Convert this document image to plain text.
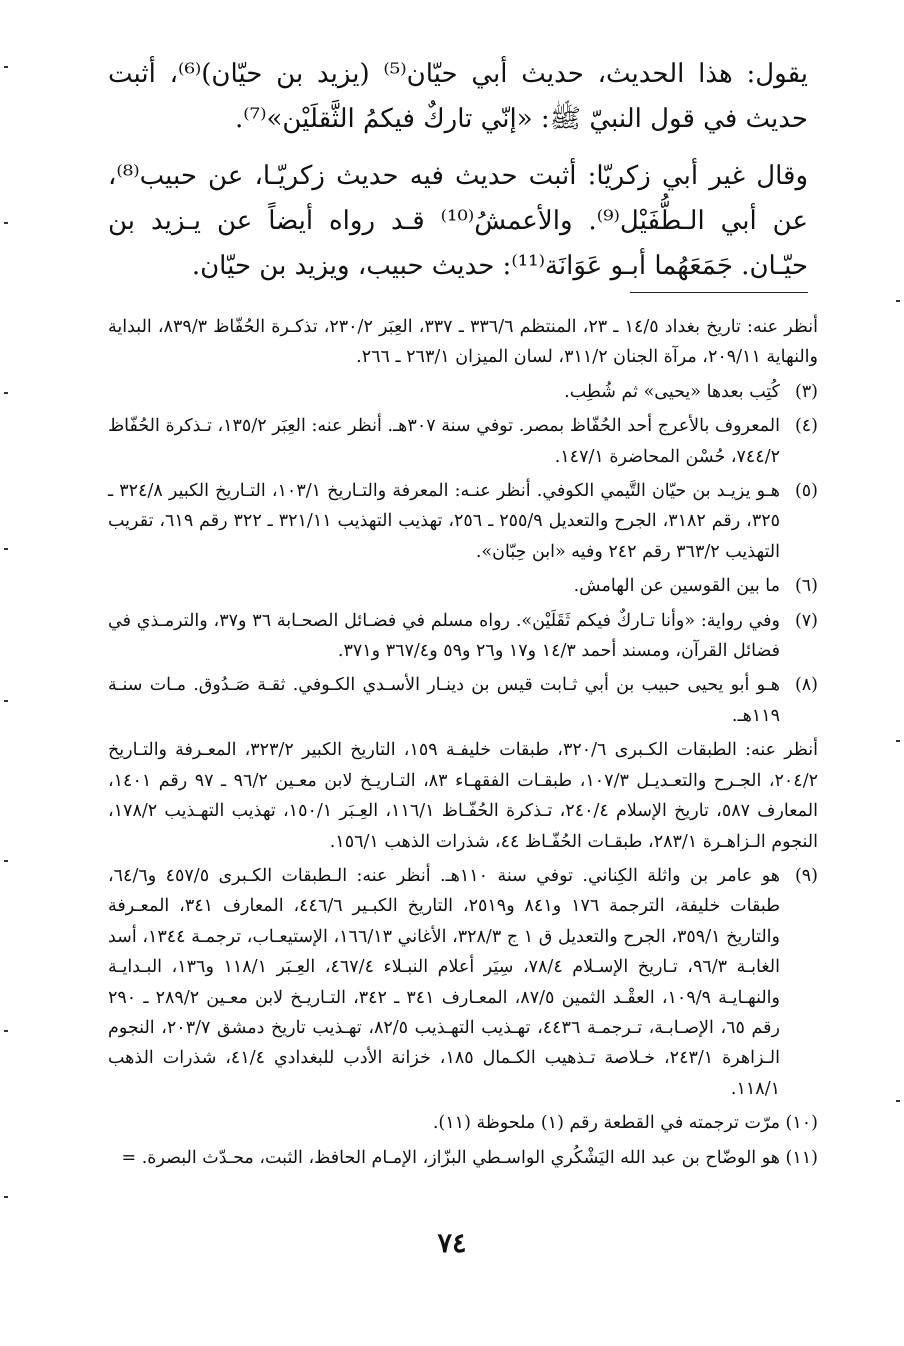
يقول: هذا الحديث، حديث أبي حيّان⁽⁵⁾ (يزيد بن حيّان)⁽⁶⁾، أثبت حديث في قول النبيّ ﷺ: «إنّي تاركٌ فيكمُ الثَّقلَيْن»⁽⁷⁾.

وقال غير أبي زكريّا: أثبت حديث فيه حديث زكريّـا، عن حبيب⁽⁸⁾، عن أبي الـطُّفَيْل⁽⁹⁾. والأعمشُ⁽¹⁰⁾ قـد رواه أيضاً عن يـزيد بن حيّـان. جَمَعَهُما أبـو عَوَانَة⁽¹¹⁾: حديث حبيب، ويزيد بن حيّان.

أنظر عنه: تاريخ بغداد ١٤/٥ ـ ٢٣، المنتظم ٣٣٦/٦ ـ ٣٣٧، العِبَر ٢٣٠/٢، تذكـرة الحُفّاظ ٨٣٩/٣، البداية والنهاية ٢٠٩/١١، مرآة الجنان ٣١١/٢، لسان الميزان ٢٦٣/١ ـ ٢٦٦.
(٣)
كُتِب بعدها «يحيى» ثم شُطِب.
(٤)
المعروف بالأعرج أحد الحُفّاظ بمصر. توفي سنة ٣٠٧هـ. أنظر عنه: العِبَر ١٣٥/٢، تـذكرة الحُفّاظ ٧٤٤/٢، حُسْن المحاضرة ١٤٧/١.
(٥)
هـو يزيـد بن حيّان التَّيمي الكوفي. أنظر عنـه: المعرفة والتـاريخ ١٠٣/١، التـاريخ الكبير ٣٢٤/٨ ـ ٣٢٥، رقم ٣١٨٢، الجرح والتعديل ٢٥٥/٩ ـ ٢٥٦، تهذيب التهذيب ٣٢١/١١ ـ ٣٢٢ رقم ٦١٩، تقريب التهذيب ٣٦٣/٢ رقم ٢٤٢ وفيه «ابن حِبّان».
(٦)
ما بين القوسين عن الهامش.
(٧)
وفي رواية: «وأنا تـاركٌ فيكم ثَقَلَيْن». رواه مسلم في فضـائل الصحـابة ٣٦ و٣٧، والترمـذي في فضائل القرآن، ومسند أحمد ١٤/٣ و١٧ و٢٦ و٥٩ و٣٦٧/٤ و٣٧١.
(٨)
هـو أبو يحيى حبيب بن أبي ثـابت قيس بن دينـار الأسـدي الكـوفي. ثقـة صَـدُوق. مـات سنـة ١١٩هـ.
أنظر عنه: الطبقات الكـبرى ٣٢٠/٦، طبقات خليفـة ١٥٩، التاريخ الكبير ٣٢٣/٢، المعـرفة والتـاريخ ٢٠٤/٢، الجـرح والتعـديـل ١٠٧/٣، طبقـات الفقهـاء ٨٣، التـاريـخ لابن معـين ٩٦/٢ ـ ٩٧ رقم ١٤٠١، المعارف ٥٨٧، تاريخ الإسلام ٢٤٠/٤، تـذكرة الحُفّـاظ ١١٦/١، العِـبَر ١٥٠/١، تهذيب التهـذيب ١٧٨/٢، النجوم الـزاهـرة ٢٨٣/١، طبقـات الحُفّـاظ ٤٤، شذرات الذهب ١٥٦/١.
(٩)
هو عامر بن واثلة الكِناني. توفي سنة ١١٠هـ. أنظر عنه: الـطبقات الكـبرى ٤٥٧/٥ و٦٤/٦، طبقات خليفة، الترجمة ١٧٦ و٨٤١ و٢٥١٩، التاريخ الكبـير ٤٤٦/٦، المعارف ٣٤١، المعـرفة والتاريخ ٣٥٩/١، الجرح والتعديل ق ١ ج ٣٢٨/٣، الأغاني ١٦٦/١٣، الإستيعـاب، ترجمـة ١٣٤٤، أسد الغابـة ٩٦/٣، تـاريخ الإسـلام ٧٨/٤، سِيَر أعلام النبـلاء ٤٦٧/٤، العِـبَر ١١٨/١ و١٣٦، البـدايـة والنهـايـة ١٠٩/٩، العقْـد الثمين ٨٧/٥، المعـارف ٣٤١ ـ ٣٤٢، التـاريـخ لابن معـين ٢٨٩/٢ ـ ٢٩٠ رقم ٦٥، الإصـابـة، تـرجمـة ٤٤٣٦، تهـذيب التهـذيب ٨٢/٥، تهـذيب تاريخ دمشق ٢٠٣/٧، النجوم الـزاهرة ٢٤٣/١، خـلاصة تـذهيب الكـمال ١٨٥، خزانة الأدب للبغدادي ٤١/٤، شذرات الذهب ١١٨/١.
(١٠)
مرّت ترجمته في القطعة رقم (١) ملحوظة (١١).
(١١)
هو الوضّاح بن عبد الله اليَشْكُري الواسـطي البزّاز، الإمـام الحافظ، الثبت، محـدّث البصرة. =
٧٤
